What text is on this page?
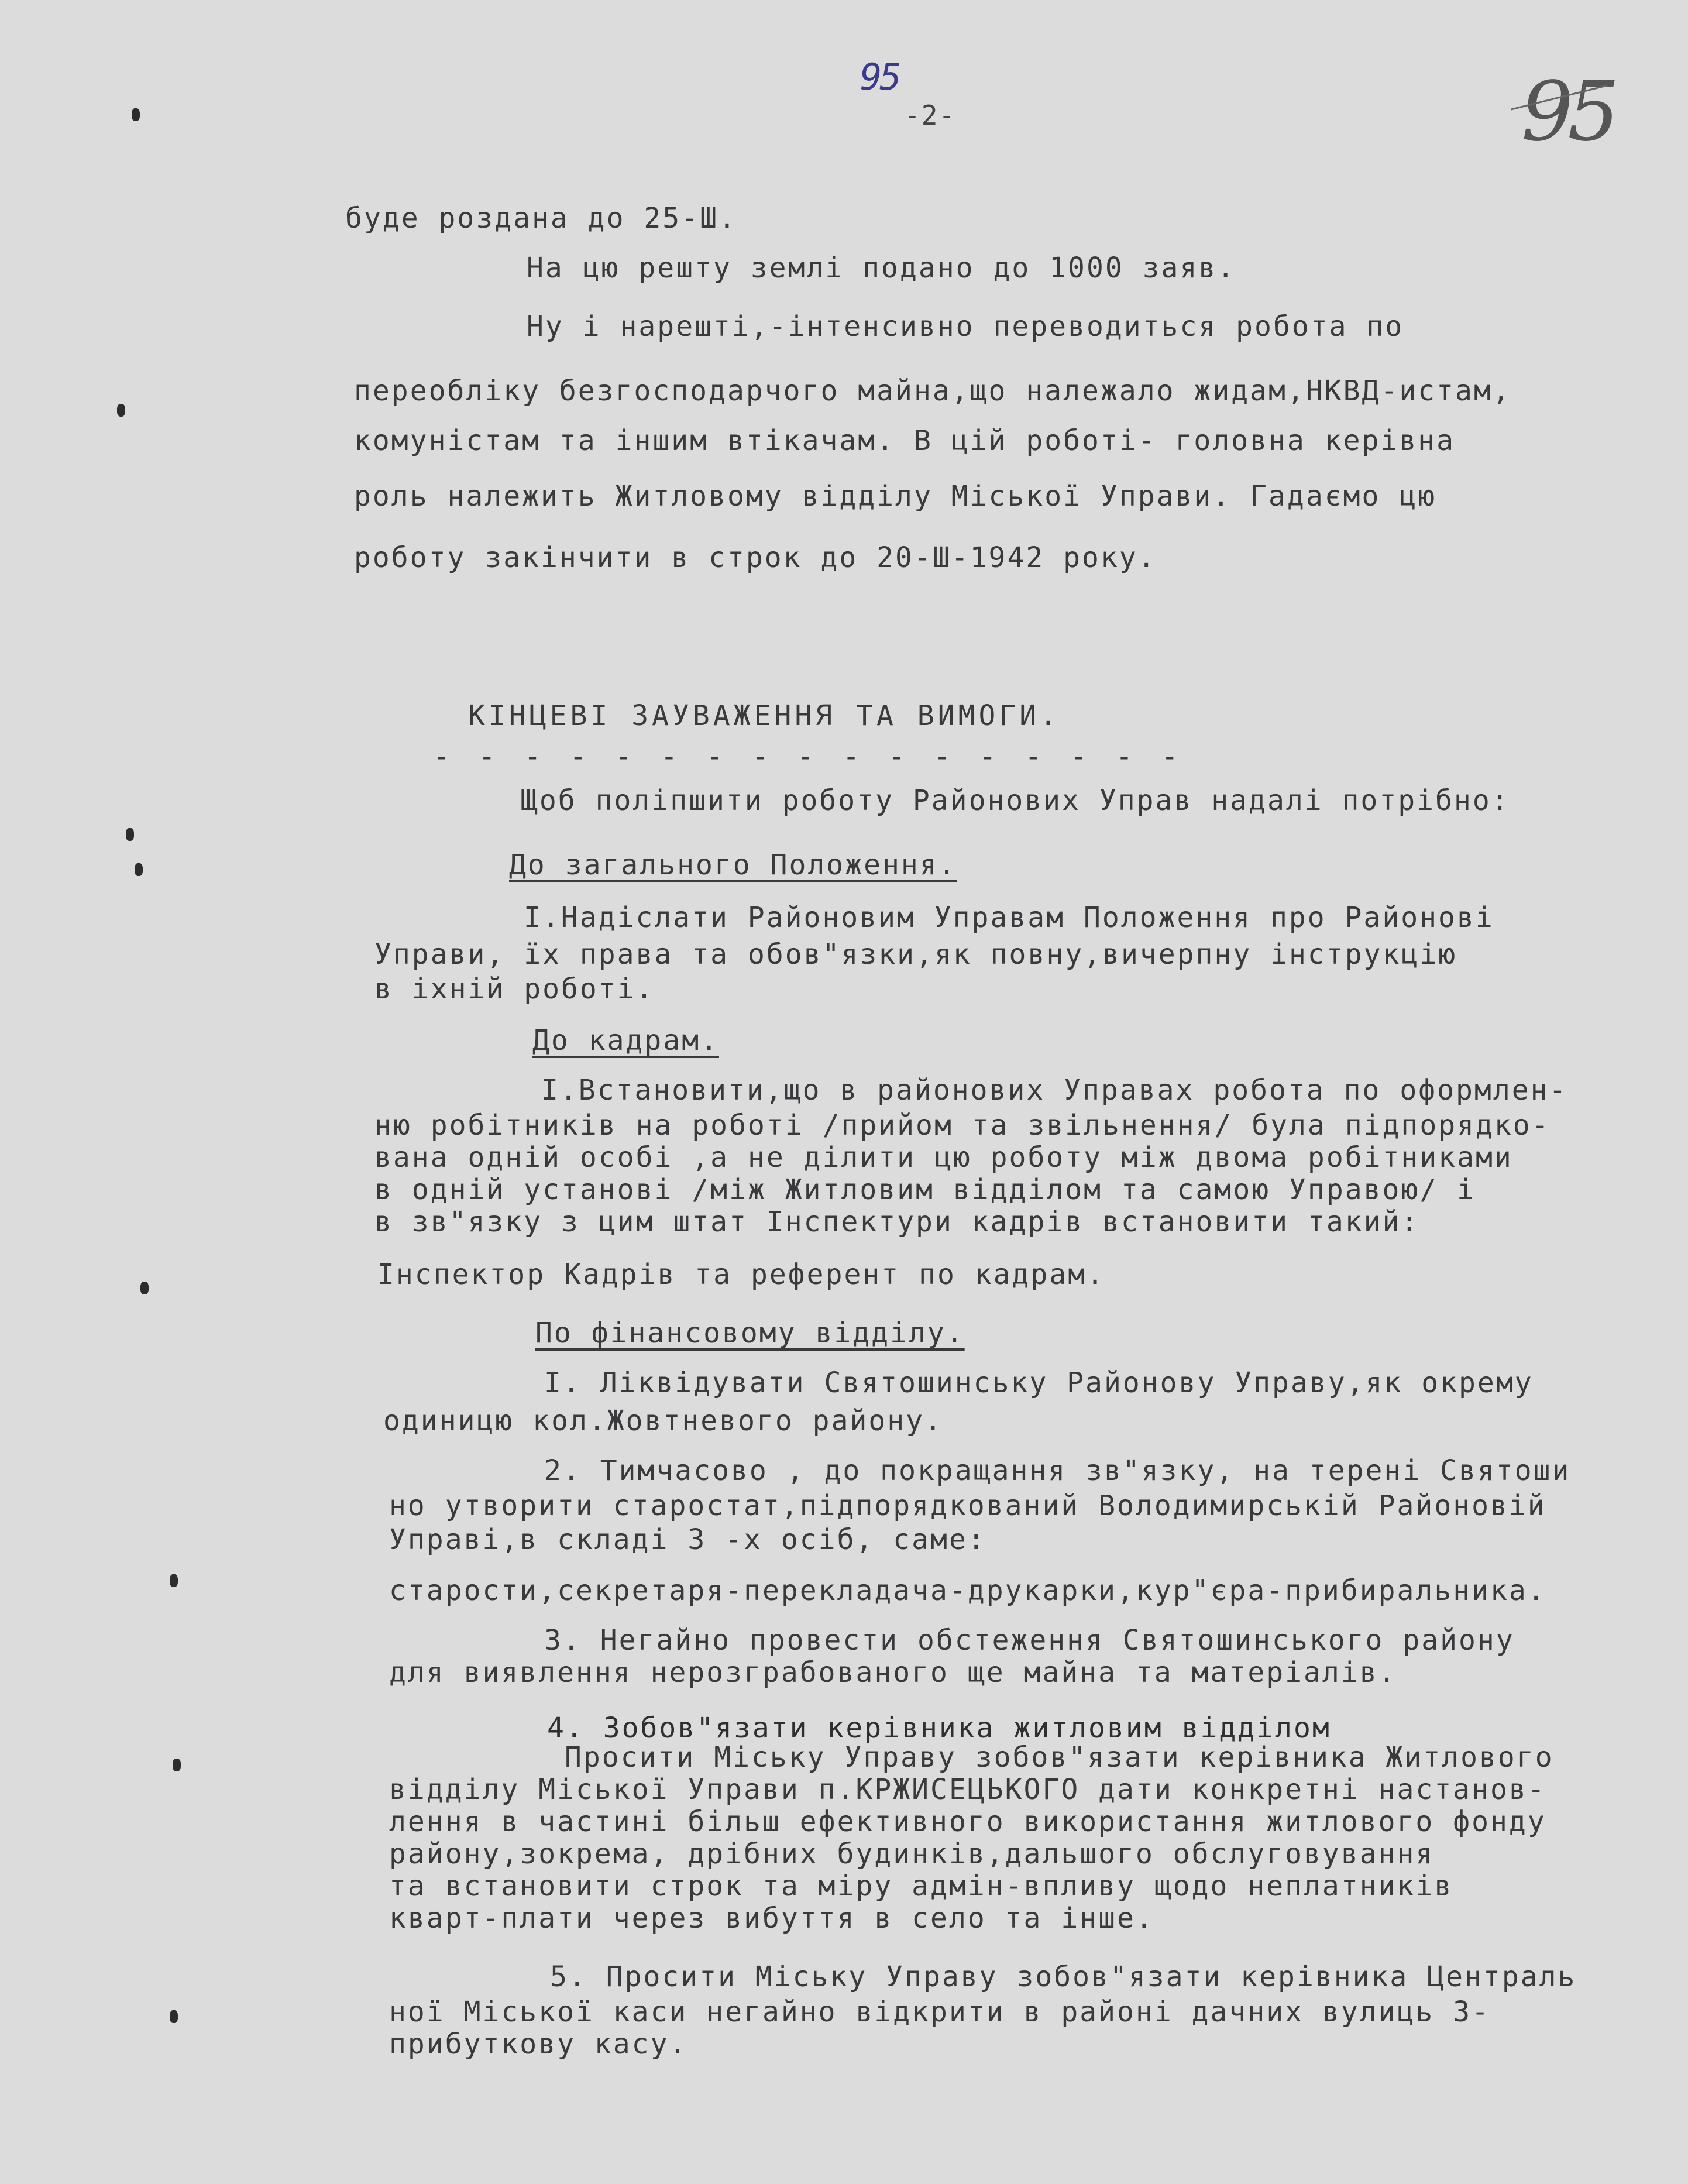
95
-2-	95
буде роздана до 25-Ш.
На цю решту землі подано до 1000 заяв.
Ну і нарешті,-інтенсивно переводиться робота по
переобліку безгосподарчого майна,що належало жидам,НКВД-истам,
комуністам та іншим втікачам. В цій роботі- головна керівна
роль належить Житловому відділу Міської Управи. Гадаємо цю
роботу закінчити в строк до 20-Ш-1942 року.
КІНЦЕВІ ЗАУВАЖЕННЯ ТА ВИМОГИ.
- - - - - - - - - - - - - - - - -
Щоб поліпшити роботу Районових Управ надалі потрібно:
До загального Положення.
I.Надіслати Районовим Управам Положення про Районові
Управи, їх права та обов"язки,як повну,вичерпну інструкцію
в іхній роботі.
До кадрам.
I.Встановити,що в районових Управах робота по оформлен-
ню робітників на роботі /прийом та звільнення/ була підпорядко-
вана одній особі ,а не ділити цю роботу між двома робітниками
в одній установі /між Житловим відділом та самою Управою/ і
в зв"язку з цим штат Інспектури кадрів встановити такий:
Інспектор Кадрів та референт по кадрам.
По фінансовому відділу.
I. Ліквідувати Святошинську Районову Управу,як окрему
одиницю кол.Жовтневого району.
2. Тимчасово , до покращання зв"язку, на терені Святоши
но утворити старостат,підпорядкований Володимирській Районовій
Управі,в складі 3 -х осіб, саме:
старости,секретаря-перекладача-друкарки,кур"єра-прибиральника.
3. Негайно провести обстеження Святошинського району
для виявлення нерозграбованого ще майна та матеріалів.
4. Зобов"язати керівника житловим відділом
Просити Міську Управу зобов"язати керівника Житлового
відділу Міської Управи п.КРЖИСЕЦЬКОГО дати конкретні настанов-
лення в частині більш ефективного використання житлового фонду
району,зокрема, дрібних будинків,дальшого обслуговування
та встановити строк та міру адмін-впливу щодо неплатників
кварт-плати через вибуття в село та інше.
5. Просити Міську Управу зобов"язати керівника Централь
ної Міської каси негайно відкрити в районі дачних вулиць 3-
прибуткову касу.
